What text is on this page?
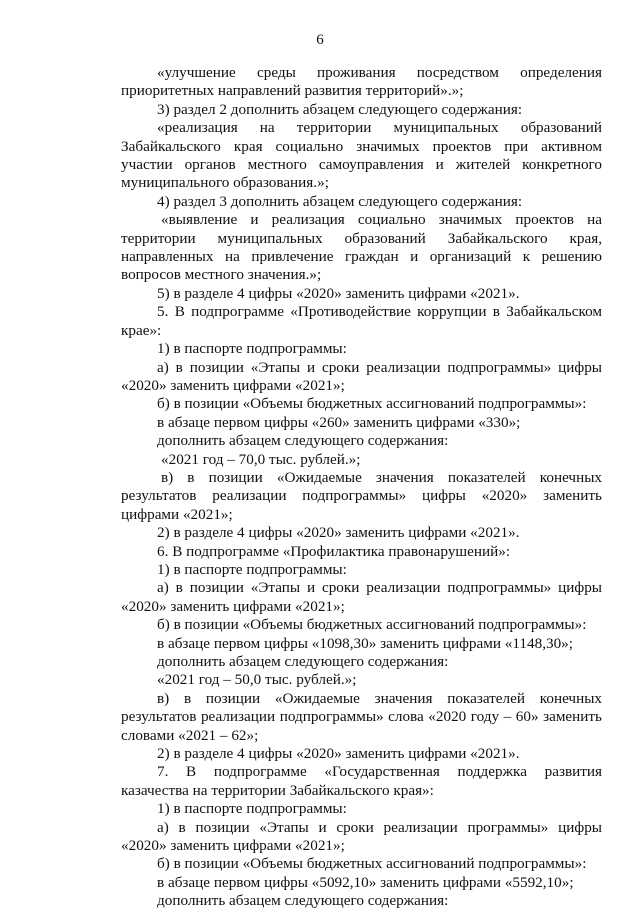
6

«улучшение среды проживания посредством определения приоритетных направлений развития территорий».»;

3) раздел 2 дополнить абзацем следующего содержания:

«реализация на территории муниципальных образований Забайкальского края социально значимых проектов при активном участии органов местного самоуправления и жителей конкретного муниципального образования.»;

4) раздел 3 дополнить абзацем следующего содержания:

«выявление и реализация социально значимых проектов на территории муниципальных образований Забайкальского края, направленных на привлечение граждан и организаций к решению вопросов местного значения.»;

5) в разделе 4 цифры «2020» заменить цифрами «2021».

5. В подпрограмме «Противодействие коррупции в Забайкальском крае»:

1) в паспорте подпрограммы:

а) в позиции «Этапы и сроки реализации подпрограммы» цифры «2020» заменить цифрами «2021»;

б) в позиции «Объемы бюджетных ассигнований подпрограммы»:

в абзаце первом цифры «260» заменить цифрами «330»;

дополнить абзацем следующего содержания:

«2021 год – 70,0 тыс. рублей.»;

в) в позиции «Ожидаемые значения показателей конечных результатов реализации подпрограммы» цифры «2020» заменить цифрами «2021»;

2) в разделе 4 цифры «2020» заменить цифрами «2021».

6. В подпрограмме «Профилактика правонарушений»:

1) в паспорте подпрограммы:

а) в позиции «Этапы и сроки реализации подпрограммы» цифры «2020» заменить цифрами «2021»;

б) в позиции «Объемы бюджетных ассигнований подпрограммы»:

в абзаце первом цифры «1098,30» заменить цифрами «1148,30»;

дополнить абзацем следующего содержания:

«2021 год – 50,0 тыс. рублей.»;

в) в позиции «Ожидаемые значения показателей конечных результатов реализации подпрограммы» слова «2020 году – 60» заменить словами «2021 – 62»;

2) в разделе 4 цифры «2020» заменить цифрами «2021».

7. В подпрограмме «Государственная поддержка развития казачества на территории Забайкальского края»:

1) в паспорте подпрограммы:

а) в позиции «Этапы и сроки реализации программы» цифры «2020» заменить цифрами «2021»;

б) в позиции «Объемы бюджетных ассигнований подпрограммы»:

в абзаце первом цифры «5092,10» заменить цифрами «5592,10»;

дополнить абзацем следующего содержания:
